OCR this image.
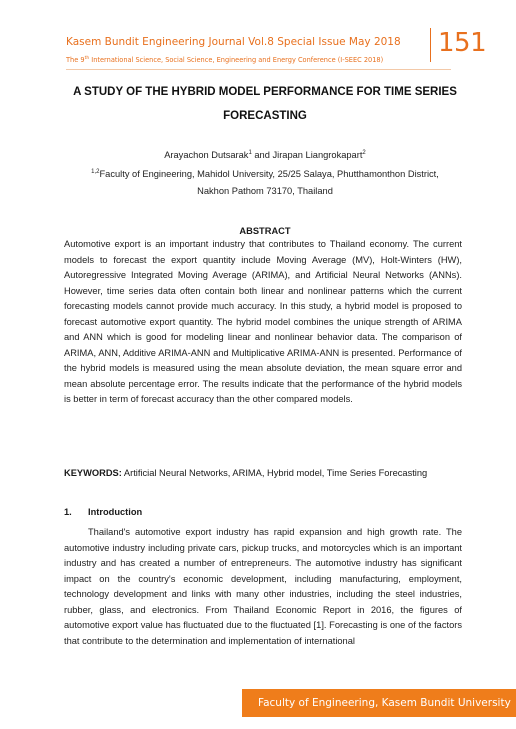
Kasem Bundit Engineering Journal Vol.8 Special Issue May 2018
The 9th International Science, Social Science, Engineering and Energy Conference (I-SEEC 2018)
151
A STUDY OF THE HYBRID MODEL PERFORMANCE FOR TIME SERIES
FORECASTING
Arayachon Dutsarak$^1$ and Jirapan Liangrokapart$^2$
$^{1,2}$Faculty of Engineering, Mahidol University, 25/25 Salaya, Phutthamonthon District,
Nakhon Pathom 73170, Thailand
ABSTRACT
Automotive export is an important industry that contributes to Thailand economy. The current models to forecast the export quantity include Moving Average (MV), Holt-Winters (HW), Autoregressive Integrated Moving Average (ARIMA), and Artificial Neural Networks (ANNs). However, time series data often contain both linear and nonlinear patterns which the current forecasting models cannot provide much accuracy. In this study, a hybrid model is proposed to forecast automotive export quantity. The hybrid model combines the unique strength of ARIMA and ANN which is good for modeling linear and nonlinear behavior data. The comparison of ARIMA, ANN, Additive ARIMA-ANN and Multiplicative ARIMA-ANN is presented. Performance of the hybrid models is measured using the mean absolute deviation, the mean square error and mean absolute percentage error. The results indicate that the performance of the hybrid models is better in term of forecast accuracy than the other compared models.
KEYWORDS: Artificial Neural Networks, ARIMA, Hybrid model, Time Series Forecasting
1. Introduction
Thailand's automotive export industry has rapid expansion and high growth rate. The automotive industry including private cars, pickup trucks, and motorcycles which is an important industry and has created a number of entrepreneurs. The automotive industry has significant impact on the country's economic development, including manufacturing, employment, technology development and links with many other industries, including the steel industries, rubber, glass, and electronics. From Thailand Economic Report in 2016, the figures of automotive export value has fluctuated due to the fluctuated [1]. Forecasting is one of the factors that contribute to the determination and implementation of international
Faculty of Engineering, Kasem Bundit University
